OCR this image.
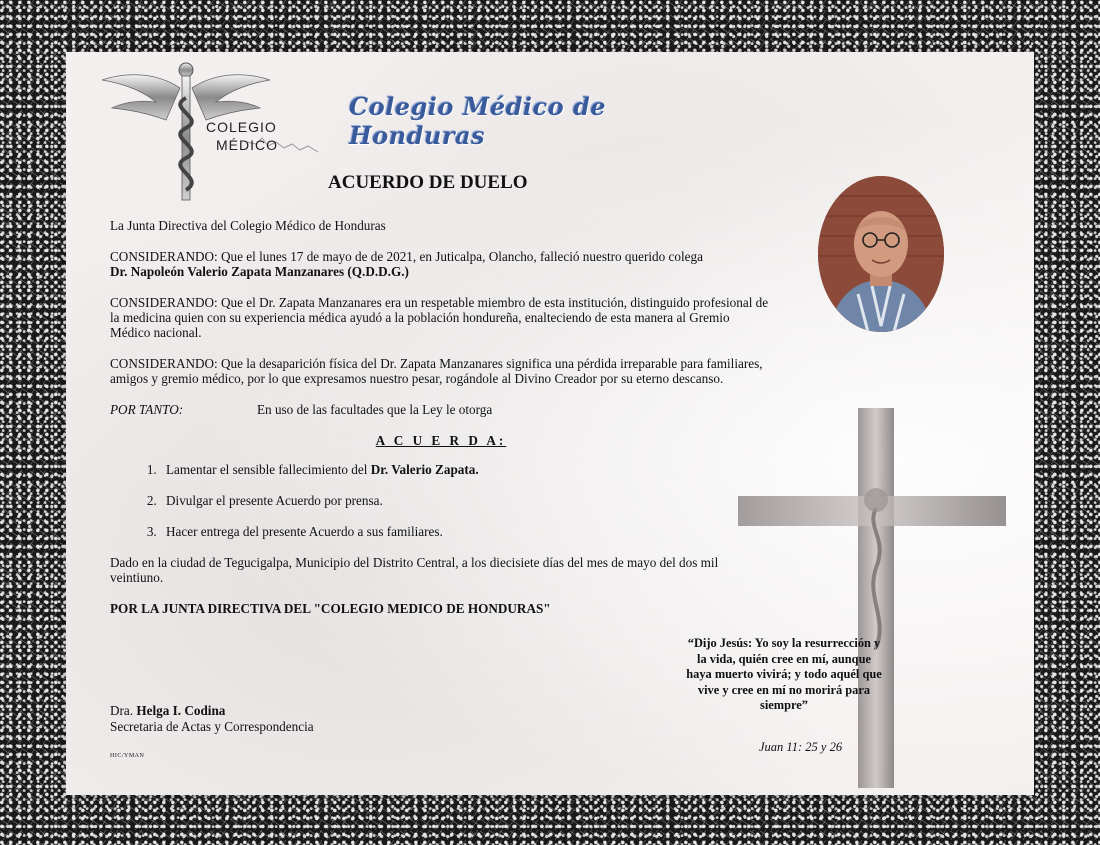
COLEGIO
MÉDICO
Colegio Médico de Honduras
ACUERDO DE DUELO

La Junta Directiva del Colegio Médico de Honduras

CONSIDERANDO: Que el lunes 17 de mayo de de 2021, en Juticalpa, Olancho, falleció nuestro querido colega
Dr. Napoleón Valerio Zapata Manzanares (Q.D.D.G.)

CONSIDERANDO: Que el Dr. Zapata Manzanares era un respetable miembro de esta institución, distinguido profesional de la medicina quien con su experiencia médica ayudó a la población hondureña, enalteciendo de esta manera al Gremio Médico nacional.

CONSIDERANDO: Que la desaparición física del Dr. Zapata Manzanares significa una pérdida irreparable para familiares, amigos y gremio médico, por lo que expresamos nuestro pesar, rogándole al Divino Creador por su eterno descanso.

POR TANTO:	En uso de las facultades que la Ley le otorga
A C U E R D A:
1. Lamentar el sensible fallecimiento del Dr. Valerio Zapata.
2. Divulgar el presente Acuerdo por prensa.
3. Hacer entrega del presente Acuerdo a sus familiares.

Dado en la ciudad de Tegucigalpa, Municipio del Distrito Central, a los diecisiete días del mes de mayo del dos mil veintiuno.

POR LA JUNTA DIRECTIVA DEL "COLEGIO MEDICO DE HONDURAS"
Dra. Helga I. Codina
Secretaria de Actas y Correspondencia
HIC/YMAN
“Dijo Jesús: Yo soy la resurrección y la vida, quién cree en mí, aunque haya muerto vivirá; y todo aquél que vive y cree en mí no morirá para siempre”
Juan 11: 25 y 26
